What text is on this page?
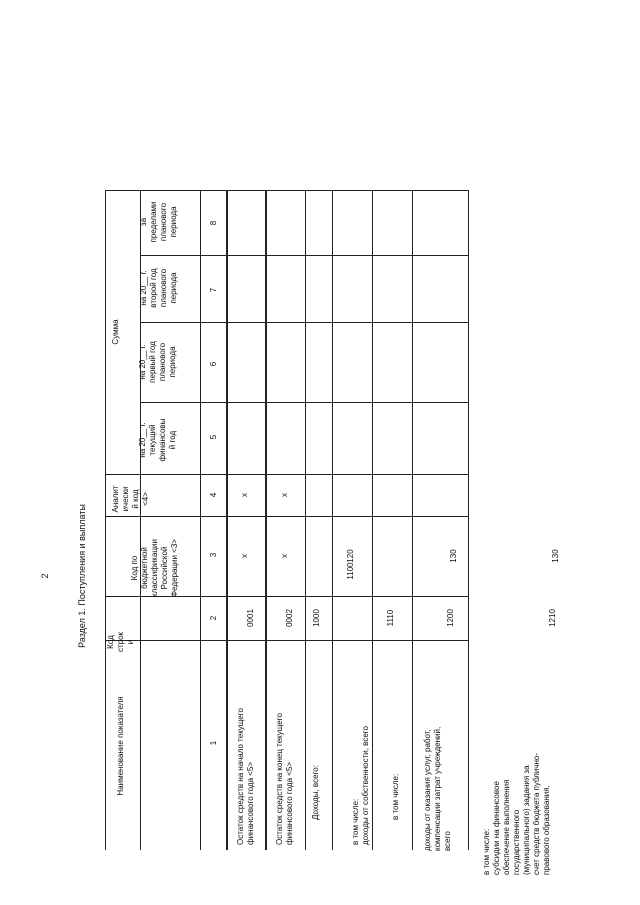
2	Раздел 1. Поступления и выплаты
Наименование показателя
Код
строк
и
Код по
бюджетной
классификации
Российской
Федерации <3>
Аналит
ически
й код
<4>
Сумма
на 20__ г.
текущий
финансовы
й год
на 20__ г.
первый год
планового
периода
на 20__ г.
второй год
планового
периода
за
пределами
планового
периода
1
2
3
4
5
6
7
8
Остаток средств на начало текущего
финансового года <5>
0001
x
x
Остаток средств на конец текущего
финансового года <5>
0002
x
x
Доходы, всего:
1000
в том числе:
доходы от собственности, всего
1100
120
в том числе:
1110
доходы от оказания услуг, работ,
компенсации затрат учреждений,
всего
1200
130
в том числе:
субсидии на финансовое
обеспечение выполнения
государственного
(муниципального) задания за
счет средств бюджета публично-
правового образования,
1210
130
